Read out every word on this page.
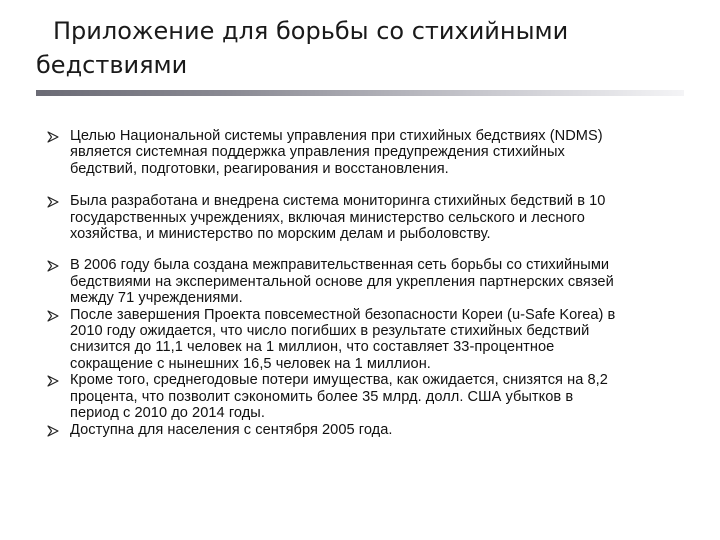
Приложение для борьбы со стихийными
бедствиями
Целью Национальной системы управления при стихийных бедствиях (NDMS)
является системная поддержка управления предупреждения стихийных
бедствий, подготовки, реагирования и восстановления.
Была разработана и внедрена система мониторинга стихийных бедствий в 10
государственных учреждениях, включая министерство сельского и лесного
хозяйства, и министерство по морским делам и рыболовству.
В 2006 году была создана межправительственная сеть борьбы со стихийными
бедствиями на экспериментальной основе для укрепления партнерских связей
между 71 учреждениями.
После завершения Проекта повсеместной безопасности Кореи (u-Safe Korea) в
2010 году ожидается, что число погибших в результате стихийных бедствий
снизится до 11,1 человек на 1 миллион, что составляет 33-процентное
сокращение с нынешних 16,5 человек на 1 миллион.
Кроме того, среднегодовые потери имущества, как ожидается, снизятся на 8,2
процента, что позволит сэкономить более 35 млрд. долл. США убытков в
период с 2010 до 2014 годы.
Доступна для населения с сентября 2005 года.
